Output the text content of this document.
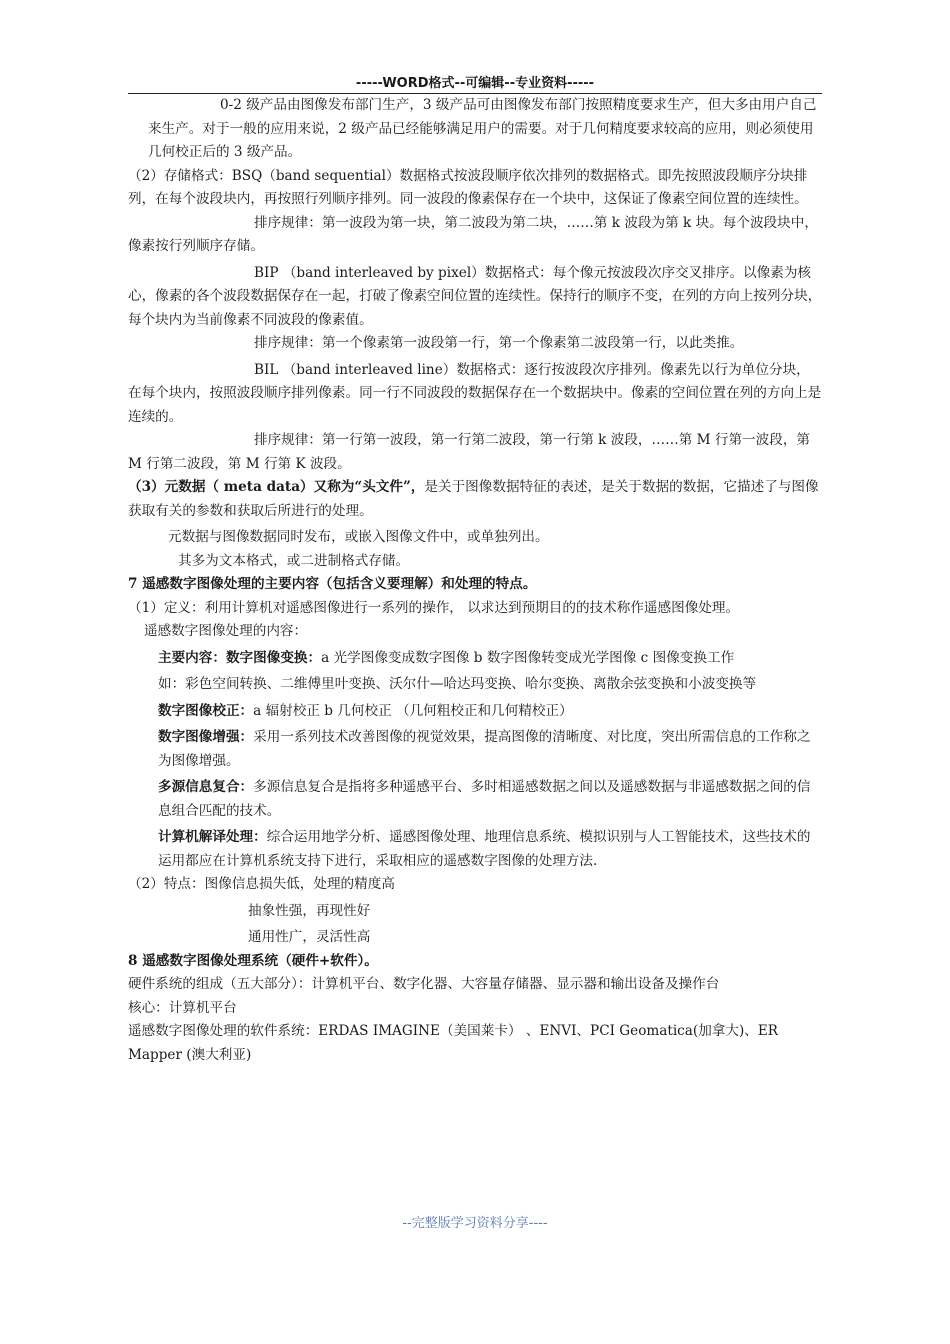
-----WORD格式--可编辑--专业资料-----

0-2 级产品由图像发布部门生产，3 级产品可由图像发布部门按照精度要求生产，但大多由用户自己来生产。对于一般的应用来说，2 级产品已经能够满足用户的需要。对于几何精度要求较高的应用，则必须使用几何校正后的 3 级产品。

（2）存储格式：BSQ（band sequential）数据格式按波段顺序依次排列的数据格式。即先按照波段顺序分块排列，在每个波段块内，再按照行列顺序排列。同一波段的像素保存在一个块中，这保证了像素空间位置的连续性。

排序规律：第一波段为第一块，第二波段为第二块，……第 k 波段为第 k 块。每个波段块中，像素按行列顺序存储。

BIP （band interleaved by pixel）数据格式：每个像元按波段次序交叉排序。以像素为核心，像素的各个波段数据保存在一起，打破了像素空间位置的连续性。保持行的顺序不变，在列的方向上按列分块，每个块内为当前像素不同波段的像素值。

排序规律：第一个像素第一波段第一行，第一个像素第二波段第一行，以此类推。

BIL （band interleaved line）数据格式：逐行按波段次序排列。像素先以行为单位分块，在每个块内，按照波段顺序排列像素。同一行不同波段的数据保存在一个数据块中。像素的空间位置在列的方向上是连续的。

排序规律：第一行第一波段，第一行第二波段，第一行第 k 波段，……第 M 行第一波段，第 M 行第二波段，第 M 行第 K 波段。

（3）元数据（ meta data）又称为“头文件”，是关于图像数据特征的表述，是关于数据的数据，它描述了与图像获取有关的参数和获取后所进行的处理。

元数据与图像数据同时发布，或嵌入图像文件中，或单独列出。

其多为文本格式，或二进制格式存储。

7 遥感数字图像处理的主要内容（包括含义要理解）和处理的特点。

（1）定义：利用计算机对遥感图像进行一系列的操作， 以求达到预期目的的技术称作遥感图像处理。

遥感数字图像处理的内容：

主要内容：数字图像变换：a 光学图像变成数字图像 b 数字图像转变成光学图像 c 图像变换工作

如：彩色空间转换、二维傅里叶变换、沃尔什—哈达玛变换、哈尔变换、离散余弦变换和小波变换等

数字图像校正：a 辐射校正 b 几何校正 （几何粗校正和几何精校正）

数字图像增强：采用一系列技术改善图像的视觉效果，提高图像的清晰度、对比度，突出所需信息的工作称之为图像增强。

多源信息复合：多源信息复合是指将多种遥感平台、多时相遥感数据之间以及遥感数据与非遥感数据之间的信息组合匹配的技术。

计算机解译处理：综合运用地学分析、遥感图像处理、地理信息系统、模拟识别与人工智能技术，这些技术的运用都应在计算机系统支持下进行，采取相应的遥感数字图像的处理方法.

（2）特点：图像信息损失低，处理的精度高

抽象性强，再现性好

通用性广，灵活性高

8 遥感数字图像处理系统（硬件+软件）。

硬件系统的组成（五大部分）：计算机平台、数字化器、大容量存储器、显示器和输出设备及操作台

核心：计算机平台

遥感数字图像处理的软件系统：ERDAS IMAGINE（美国莱卡） 、ENVI、PCI Geomatica(加拿大)、ER Mapper (澳大利亚)

--完整版学习资料分享----
